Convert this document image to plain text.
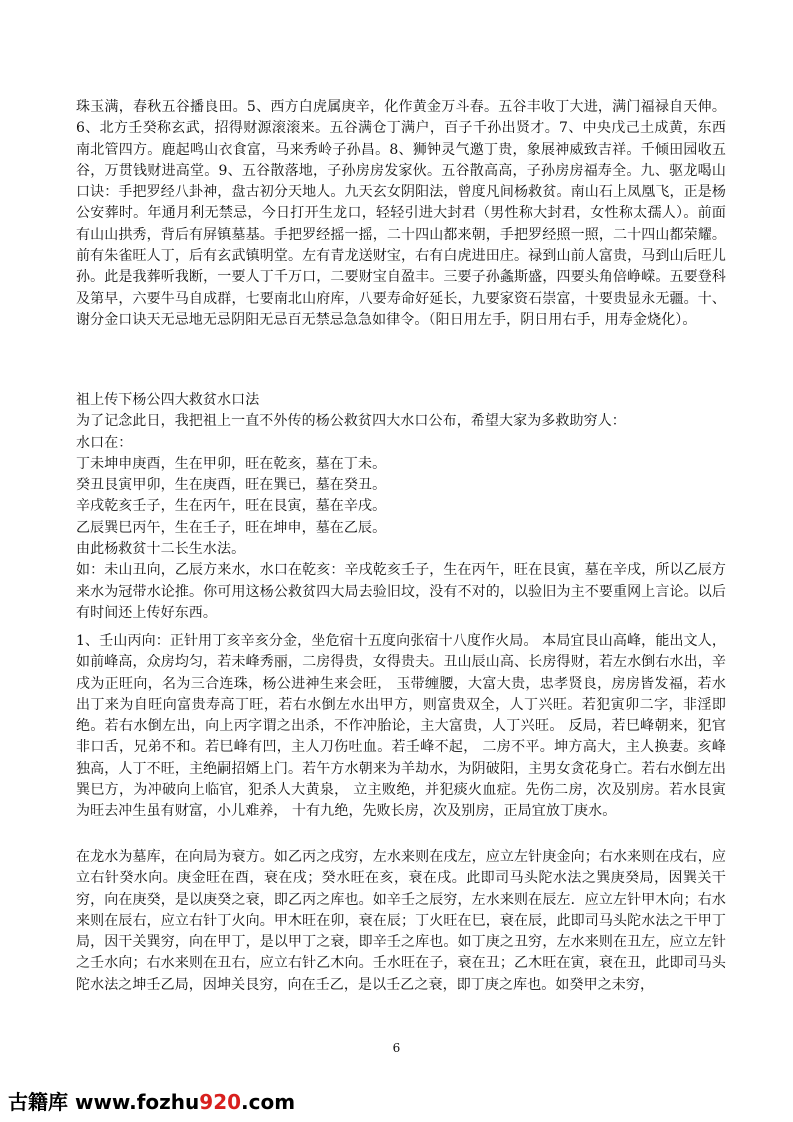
珠玉满，春秋五谷播良田。5、西方白虎属庚辛，化作黄金万斗春。五谷丰收丁大进，满门福禄自天伸。6、北方壬癸称玄武，招得财源滚滚来。五谷满仓丁满户，百子千孙出贤才。7、中央戊己土成黄，东西南北管四方。鹿起鸣山衣食富，马来秀岭子孙昌。8、狮钟灵气邀丁贵，象展神威致吉祥。千倾田园收五谷，万贯钱财进高堂。9、五谷散落地，子孙房房发家伙。五谷散高高，子孙房房福寿全。九、驱龙喝山口诀：手把罗经八卦神，盘古初分天地人。九天玄女阴阳法，曾度凡间杨救贫。南山石上凤凰飞，正是杨公安葬时。年通月利无禁忌，今日打开生龙口，轻轻引进大封君（男性称大封君，女性称太孺人）。前面有山山拱秀，背后有屏镇墓基。手把罗经摇一摇，二十四山都来朝，手把罗经照一照，二十四山都荣耀。前有朱雀旺人丁，后有玄武镇明堂。左有青龙送财宝，右有白虎进田庄。禄到山前人富贵，马到山后旺儿孙。此是我葬听我断，一要人丁千万口，二要财宝自盈丰。三要子孙螽斯盛，四要头角倍峥嵘。五要登科及第早，六要牛马自成群，七要南北山府库，八要寿命好延长，九要家资石崇富，十要贵显永无疆。十、谢分金口诀天无忌地无忌阴阳无忌百无禁忌急急如律令。（阳日用左手，阴日用右手，用寿金烧化）。

祖上传下杨公四大救贫水口法

为了记念此日，我把祖上一直不外传的杨公救贫四大水口公布，希望大家为多救助穷人：

水口在：

丁未坤申庚酉，生在甲卯，旺在乾亥，墓在丁未。

癸丑艮寅甲卯，生在庚酉，旺在巽已，墓在癸丑。

辛戌乾亥壬子，生在丙午，旺在艮寅，墓在辛戌。

乙辰巽巳丙午，生在壬子，旺在坤申，墓在乙辰。

由此杨救贫十二长生水法。

如：未山丑向，乙辰方来水，水口在乾亥：辛戌乾亥壬子，生在丙午，旺在艮寅，墓在辛戌，所以乙辰方来水为冠带水论推。你可用这杨公救贫四大局去验旧坟，没有不对的，以验旧为主不要重网上言论。以后有时间还上传好东西。

1、壬山丙向：正针用丁亥辛亥分金，坐危宿十五度向张宿十八度作火局。 本局宜艮山高峰，能出文人，如前峰高，众房均匀，若未峰秀丽，二房得贵，女得贵夫。丑山辰山高、长房得财，若左水倒右水出，辛戌为正旺向，名为三合连珠，杨公进神生来会旺， 玉带缠腰，大富大贵，忠孝贤良，房房皆发福，若水出丁来为自旺向富贵寿高丁旺，若右水倒左水出甲方，则富贵双全，人丁兴旺。若犯寅卯二字，非淫即绝。若右水倒左出，向上丙字谓之出杀，不作冲胎论，主大富贵，人丁兴旺。 反局，若巳峰朝来，犯官非口舌，兄弟不和。若巳峰有凹，主人刀伤吐血。若壬峰不起， 二房不平。坤方高大，主人换妻。亥峰独高，人丁不旺，主绝嗣招婿上门。若午方水朝来为羊劫水，为阴破阳，主男女贪花身亡。若右水倒左出巽巳方，为冲破向上临官，犯杀人大黄泉， 立主败绝，并犯痰火血症。先伤二房，次及别房。若水艮寅为旺去冲生虽有财富，小儿难养， 十有九绝，先败长房，次及别房，正局宜放丁庚水。

在龙水为墓库，在向局为衰方。如乙丙之戌穷，左水来则在戌左，应立左针庚金向；右水来则在戌右，应立右针癸水向。庚金旺在酉，衰在戌；癸水旺在亥，衰在戌。此即司马头陀水法之巽庚癸局，因巽关干穷，向在庚癸，是以庚癸之衰，即乙丙之库也。如辛壬之辰穷，左水来则在辰左．应立左针甲木向；右水来则在辰右，应立右针丁火向。甲木旺在卯，衰在辰；丁火旺在巳，衰在辰，此即司马头陀水法之干甲丁局，因干关巽穷，向在甲丁，是以甲丁之衰，即辛壬之库也。如丁庚之丑穷，左水来则在丑左，应立左针之壬水向；右水来则在丑右，应立右针乙木向。壬水旺在子，衰在丑；乙木旺在寅，衰在丑，此即司马头陀水法之坤壬乙局，因坤关艮穷，向在壬乙，是以壬乙之衰，即丁庚之库也。如癸甲之未穷，

6
古籍库 www.fozhu920.com
